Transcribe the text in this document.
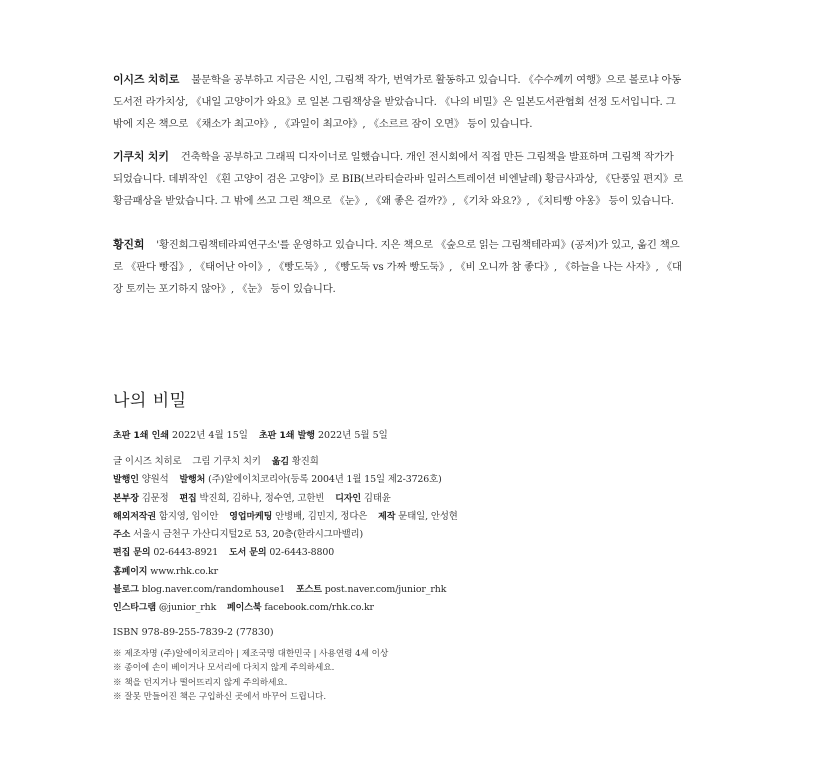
이시즈 치히로 불문학을 공부하고 지금은 시인, 그림책 작가, 번역가로 활동하고 있습니다. 《수수께끼 여행》으로 볼로냐 아동도서전 라가치상, 《내일 고양이가 와요》로 일본 그림책상을 받았습니다. 《나의 비밀》은 일본도서관협회 선정 도서입니다. 그 밖에 지은 책으로 《채소가 최고야》, 《과일이 최고야》, 《소르르 잠이 오면》 등이 있습니다.
기쿠치 치키 건축학을 공부하고 그래픽 디자이너로 일했습니다. 개인 전시회에서 직접 만든 그림책을 발표하며 그림책 작가가 되었습니다. 데뷔작인 《흰 고양이 검은 고양이》로 BIB(브라티슬라바 일러스트레이션 비엔날레) 황금사과상, 《단풍잎 편지》로 황금패상을 받았습니다. 그 밖에 쓰고 그린 책으로 《눈》, 《왜 좋은 걸까?》, 《기차 와요?》, 《치티빵 야옹》 등이 있습니다.
황진희 '황진희그림책테라피연구소'를 운영하고 있습니다. 지은 책으로 《숲으로 읽는 그림책테라피》(공저)가 있고, 옮긴 책으로 《판다 빵집》, 《태어난 아이》, 《빵도둑》, 《빵도둑 vs 가짜 빵도둑》, 《비 오니까 참 좋다》, 《하늘을 나는 사자》, 《대장 토끼는 포기하지 않아》, 《눈》 등이 있습니다.
나의 비밀
초판 1쇄 인쇄 2022년 4월 15일 초판 1쇄 발행 2022년 5월 5일
글 이시즈 치히로 그림 기쿠치 치키 옮김 황진희
발행인 양원석 발행처 (주)알에이치코리아(등록 2004년 1월 15일 제2-3726호)
본부장 김문정 편집 박진희, 김하나, 정수연, 고한빈 디자인 김태윤
해외저작권 함지영, 임이안 영업마케팅 안병배, 김민지, 정다은 제작 문태일, 안성현
주소 서울시 금천구 가산디지털2로 53, 20층(한라시그마밸리)
편집 문의 02-6443-8921 도서 문의 02-6443-8800
홈페이지 www.rhk.co.kr
블로그 blog.naver.com/randomhouse1 포스트 post.naver.com/junior_rhk
인스타그램 @junior_rhk 페이스북 facebook.com/rhk.co.kr
ISBN 978-89-255-7839-2 (77830)
※ 제조자명 (주)알에이치코리아 | 제조국명 대한민국 | 사용연령 4세 이상
※ 종이에 손이 베이거나 모서리에 다치지 않게 주의하세요.
※ 책을 던지거나 떨어뜨리지 않게 주의하세요.
※ 잘못 만들어진 책은 구입하신 곳에서 바꾸어 드립니다.
